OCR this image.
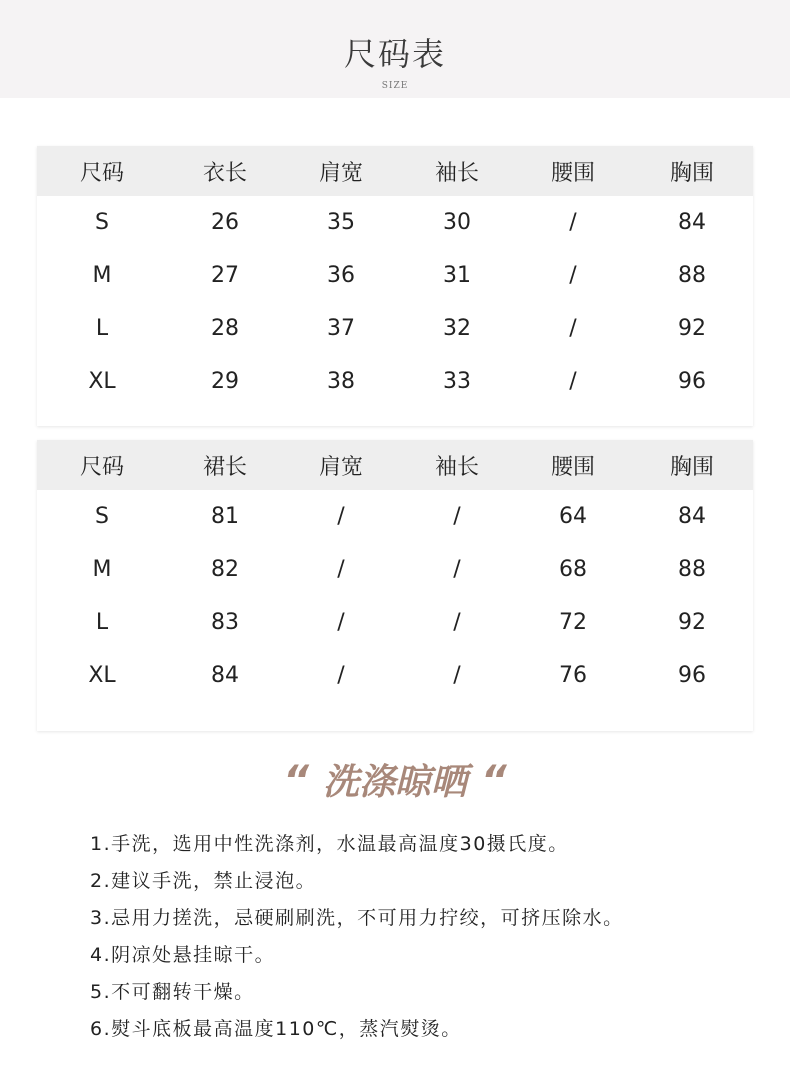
尺码表
SIZE
尺码	衣长	肩宽	袖长	腰围	胸围
S	26	35	30	/	84
M	27	36	31	/	88
L	28	37	32	/	92
XL	29	38	33	/	96
尺码	裙长	肩宽	袖长	腰围	胸围
S	81	/	/	64	84
M	82	/	/	68	88
L	83	/	/	72	92
XL	84	/	/	76	96
“ 洗涤晾晒 “
1.手洗，选用中性洗涤剂，水温最高温度30摄氏度。
2.建议手洗，禁止浸泡。
3.忌用力搓洗，忌硬刷刷洗，不可用力拧绞，可挤压除水。
4.阴凉处悬挂晾干。
5.不可翻转干燥。
6.熨斗底板最高温度110℃，蒸汽熨烫。
